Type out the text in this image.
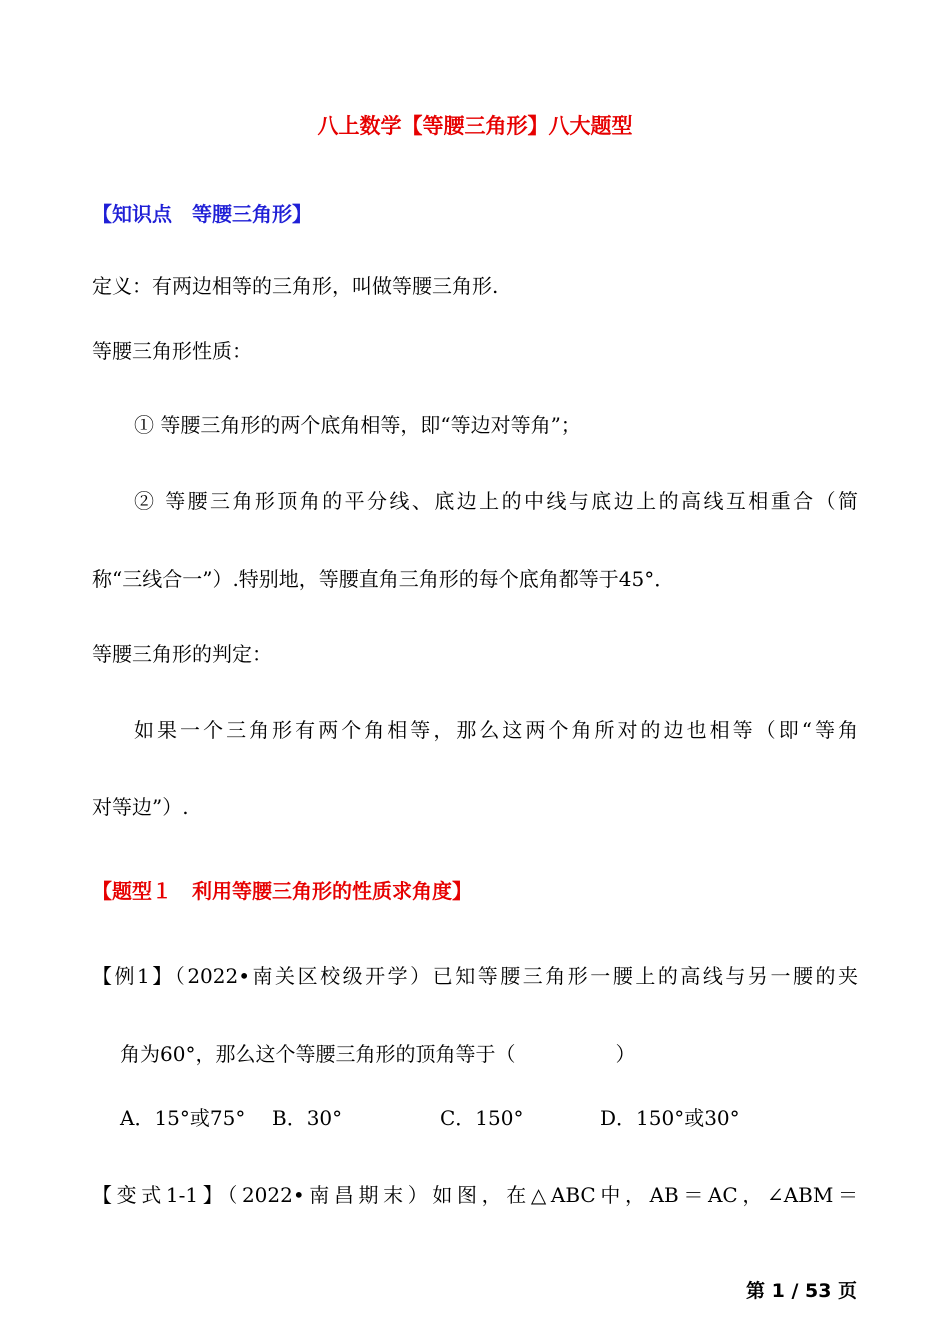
八上数学【等腰三角形】八大题型
【知识点　等腰三角形】
定义：有两边相等的三角形，叫做等腰三角形.
等腰三角形性质：
① 等腰三角形的两个底角相等，即“等边对等角”；
② 等腰三角形顶角的平分线、底边上的中线与底边上的高线互相重合（简
称“三线合一”）.特别地，等腰直角三角形的每个底角都等于45°．
等腰三角形的判定：
如果一个三角形有两个角相等，那么这两个角所对的边也相等（即“等角
对等边”）.
【题型１　利用等腰三角形的性质求角度】
【例1】（2022•南关区校级开学）已知等腰三角形一腰上的高线与另一腰的夹
角为60°，那么这个等腰三角形的顶角等于（　　　　　）
A．15°或75° B．30°	C．150°	D．150°或30°
【变式1-1】（2022•南昌期末）如图，在△ABC中，AB＝AC，∠ABM＝
第 1 / 53 页
